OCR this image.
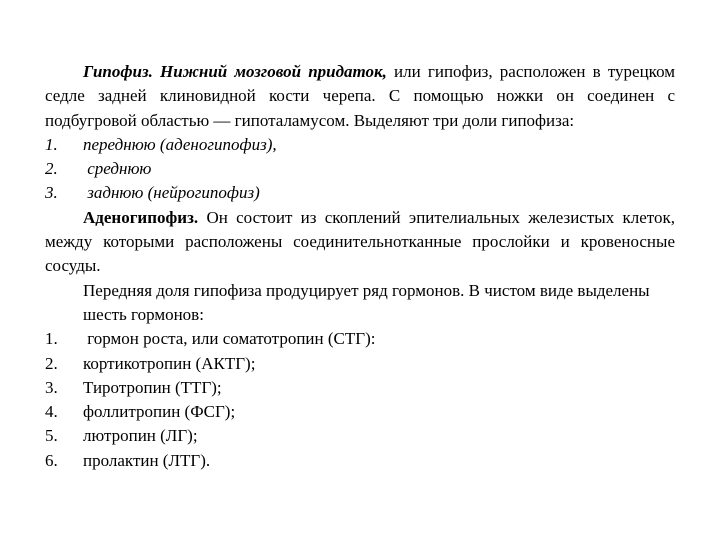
Гипофиз. Нижний мозговой придаток, или гипофиз, расположен в турецком седле задней клиновидной кости черепа. С помощью ножки он соединен с подбугровой областью — гипоталамусом. Выделяют три доли гипофиза:

1.	переднюю (аденогипофиз),
2.	среднюю
3.	заднюю (нейрогипофиз)

Аденогипофиз. Он состоит из скоплений эпителиальных железистых клеток, между которыми расположены соединительнотканные прослойки и кровеносные сосуды.

Передняя доля гипофиза продуцирует ряд гормонов. В чистом виде выделены шесть гормонов:

1.	гормон роста, или соматотропин (СТГ):
2.	кортикотропин (АКТГ);
3.	Тиротропин (ТТГ);
4.	фоллитропин (ФСГ);
5.	лютропин (ЛГ);
6.	пролактин (ЛТГ).
